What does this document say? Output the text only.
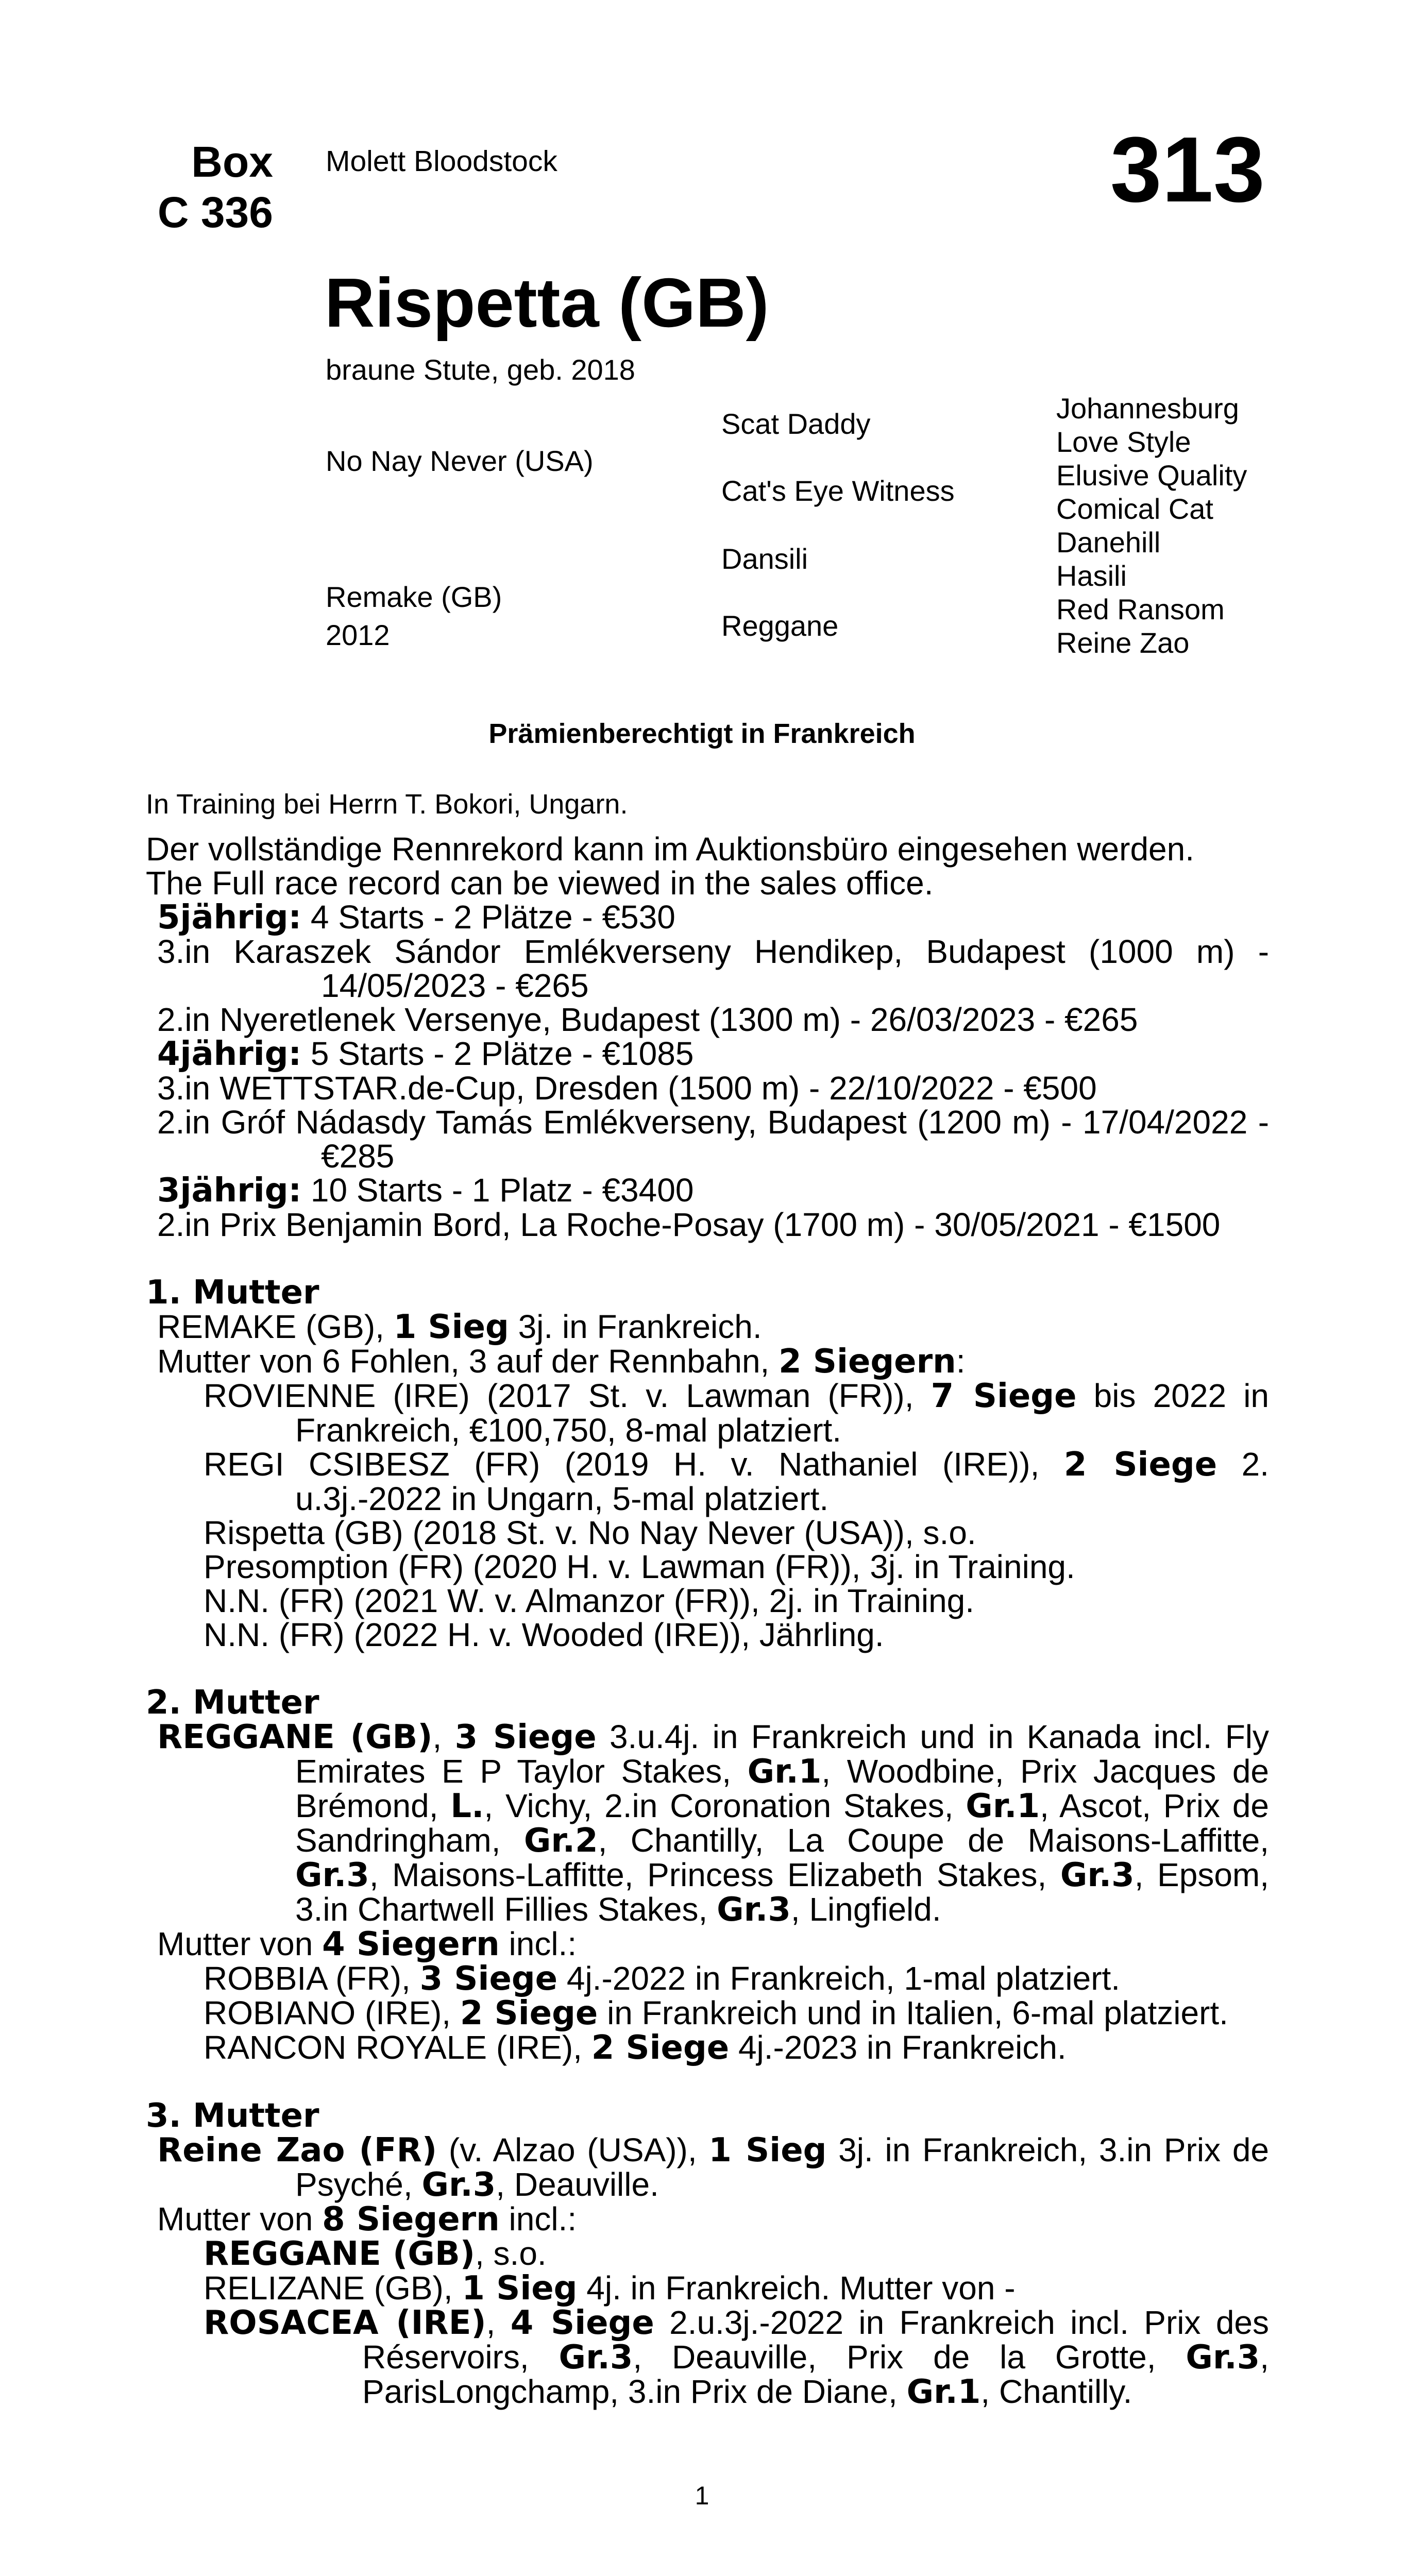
Box
C 336
Molett Bloodstock	313
Rispetta (GB)
braune Stute, geb. 2018
No Nay Never (USA)
Remake (GB)
2012
Scat Daddy
Cat's Eye Witness
Dansili
Reggane
Johannesburg
Love Style
Elusive Quality
Comical Cat
Danehill
Hasili
Red Ransom
Reine Zao
Prämienberechtigt in Frankreich
In Training bei Herrn T. Bokori, Ungarn.

Der vollständige Rennrekord kann im Auktionsbüro eingesehen werden.

The Full race record can be viewed in the sales office.

5jährig: 4 Starts - 2 Plätze - €530

3.in Karaszek Sándor Emlékverseny Hendikep, Budapest (1000 m) - 14/05/2023 - €265

2.in Nyeretlenek Versenye, Budapest (1300 m) - 26/03/2023 - €265

4jährig: 5 Starts - 2 Plätze - €1085

3.in WETTSTAR.de-Cup, Dresden (1500 m) - 22/10/2022 - €500

2.in Gróf Nádasdy Tamás Emlékverseny, Budapest (1200 m) - 17/04/2022 - €285

3jährig: 10 Starts - 1 Platz - €3400

2.in Prix Benjamin Bord, La Roche-Posay (1700 m) - 30/05/2021 - €1500

1. Mutter

REMAKE (GB), 1 Sieg 3j. in Frankreich.

Mutter von 6 Fohlen, 3 auf der Rennbahn, 2 Siegern:

ROVIENNE (IRE) (2017 St. v. Lawman (FR)), 7 Siege bis 2022 in Frankreich, €100,750, 8-mal platziert.

REGI CSIBESZ (FR) (2019 H. v. Nathaniel (IRE)), 2 Siege 2. u.3j.-2022 in Ungarn, 5-mal platziert.

Rispetta (GB) (2018 St. v. No Nay Never (USA)), s.o.

Presomption (FR) (2020 H. v. Lawman (FR)), 3j. in Training.

N.N. (FR) (2021 W. v. Almanzor (FR)), 2j. in Training.

N.N. (FR) (2022 H. v. Wooded (IRE)), Jährling.

2. Mutter

REGGANE (GB), 3 Siege 3.u.4j. in Frankreich und in Kanada incl. Fly Emirates E P Taylor Stakes, Gr.1, Woodbine, Prix Jacques de Brémond, L., Vichy, 2.in Coronation Stakes, Gr.1, Ascot, Prix de Sandringham, Gr.2, Chantilly, La Coupe de Maisons-Laffitte, Gr.3, Maisons-Laffitte, Princess Elizabeth Stakes, Gr.3, Epsom, 3.in Chartwell Fillies Stakes, Gr.3, Lingfield.

Mutter von 4 Siegern incl.:

ROBBIA (FR), 3 Siege 4j.-2022 in Frankreich, 1-mal platziert.

ROBIANO (IRE), 2 Siege in Frankreich und in Italien, 6-mal platziert.

RANCON ROYALE (IRE), 2 Siege 4j.-2023 in Frankreich.

3. Mutter

Reine Zao (FR) (v. Alzao (USA)), 1 Sieg 3j. in Frankreich, 3.in Prix de Psyché, Gr.3, Deauville.

Mutter von 8 Siegern incl.:

REGGANE (GB), s.o.

RELIZANE (GB), 1 Sieg 4j. in Frankreich. Mutter von -

ROSACEA (IRE), 4 Siege 2.u.3j.-2022 in Frankreich incl. Prix des Réservoirs, Gr.3, Deauville, Prix de la Grotte, Gr.3, ParisLongchamp, 3.in Prix de Diane, Gr.1, Chantilly.

1
